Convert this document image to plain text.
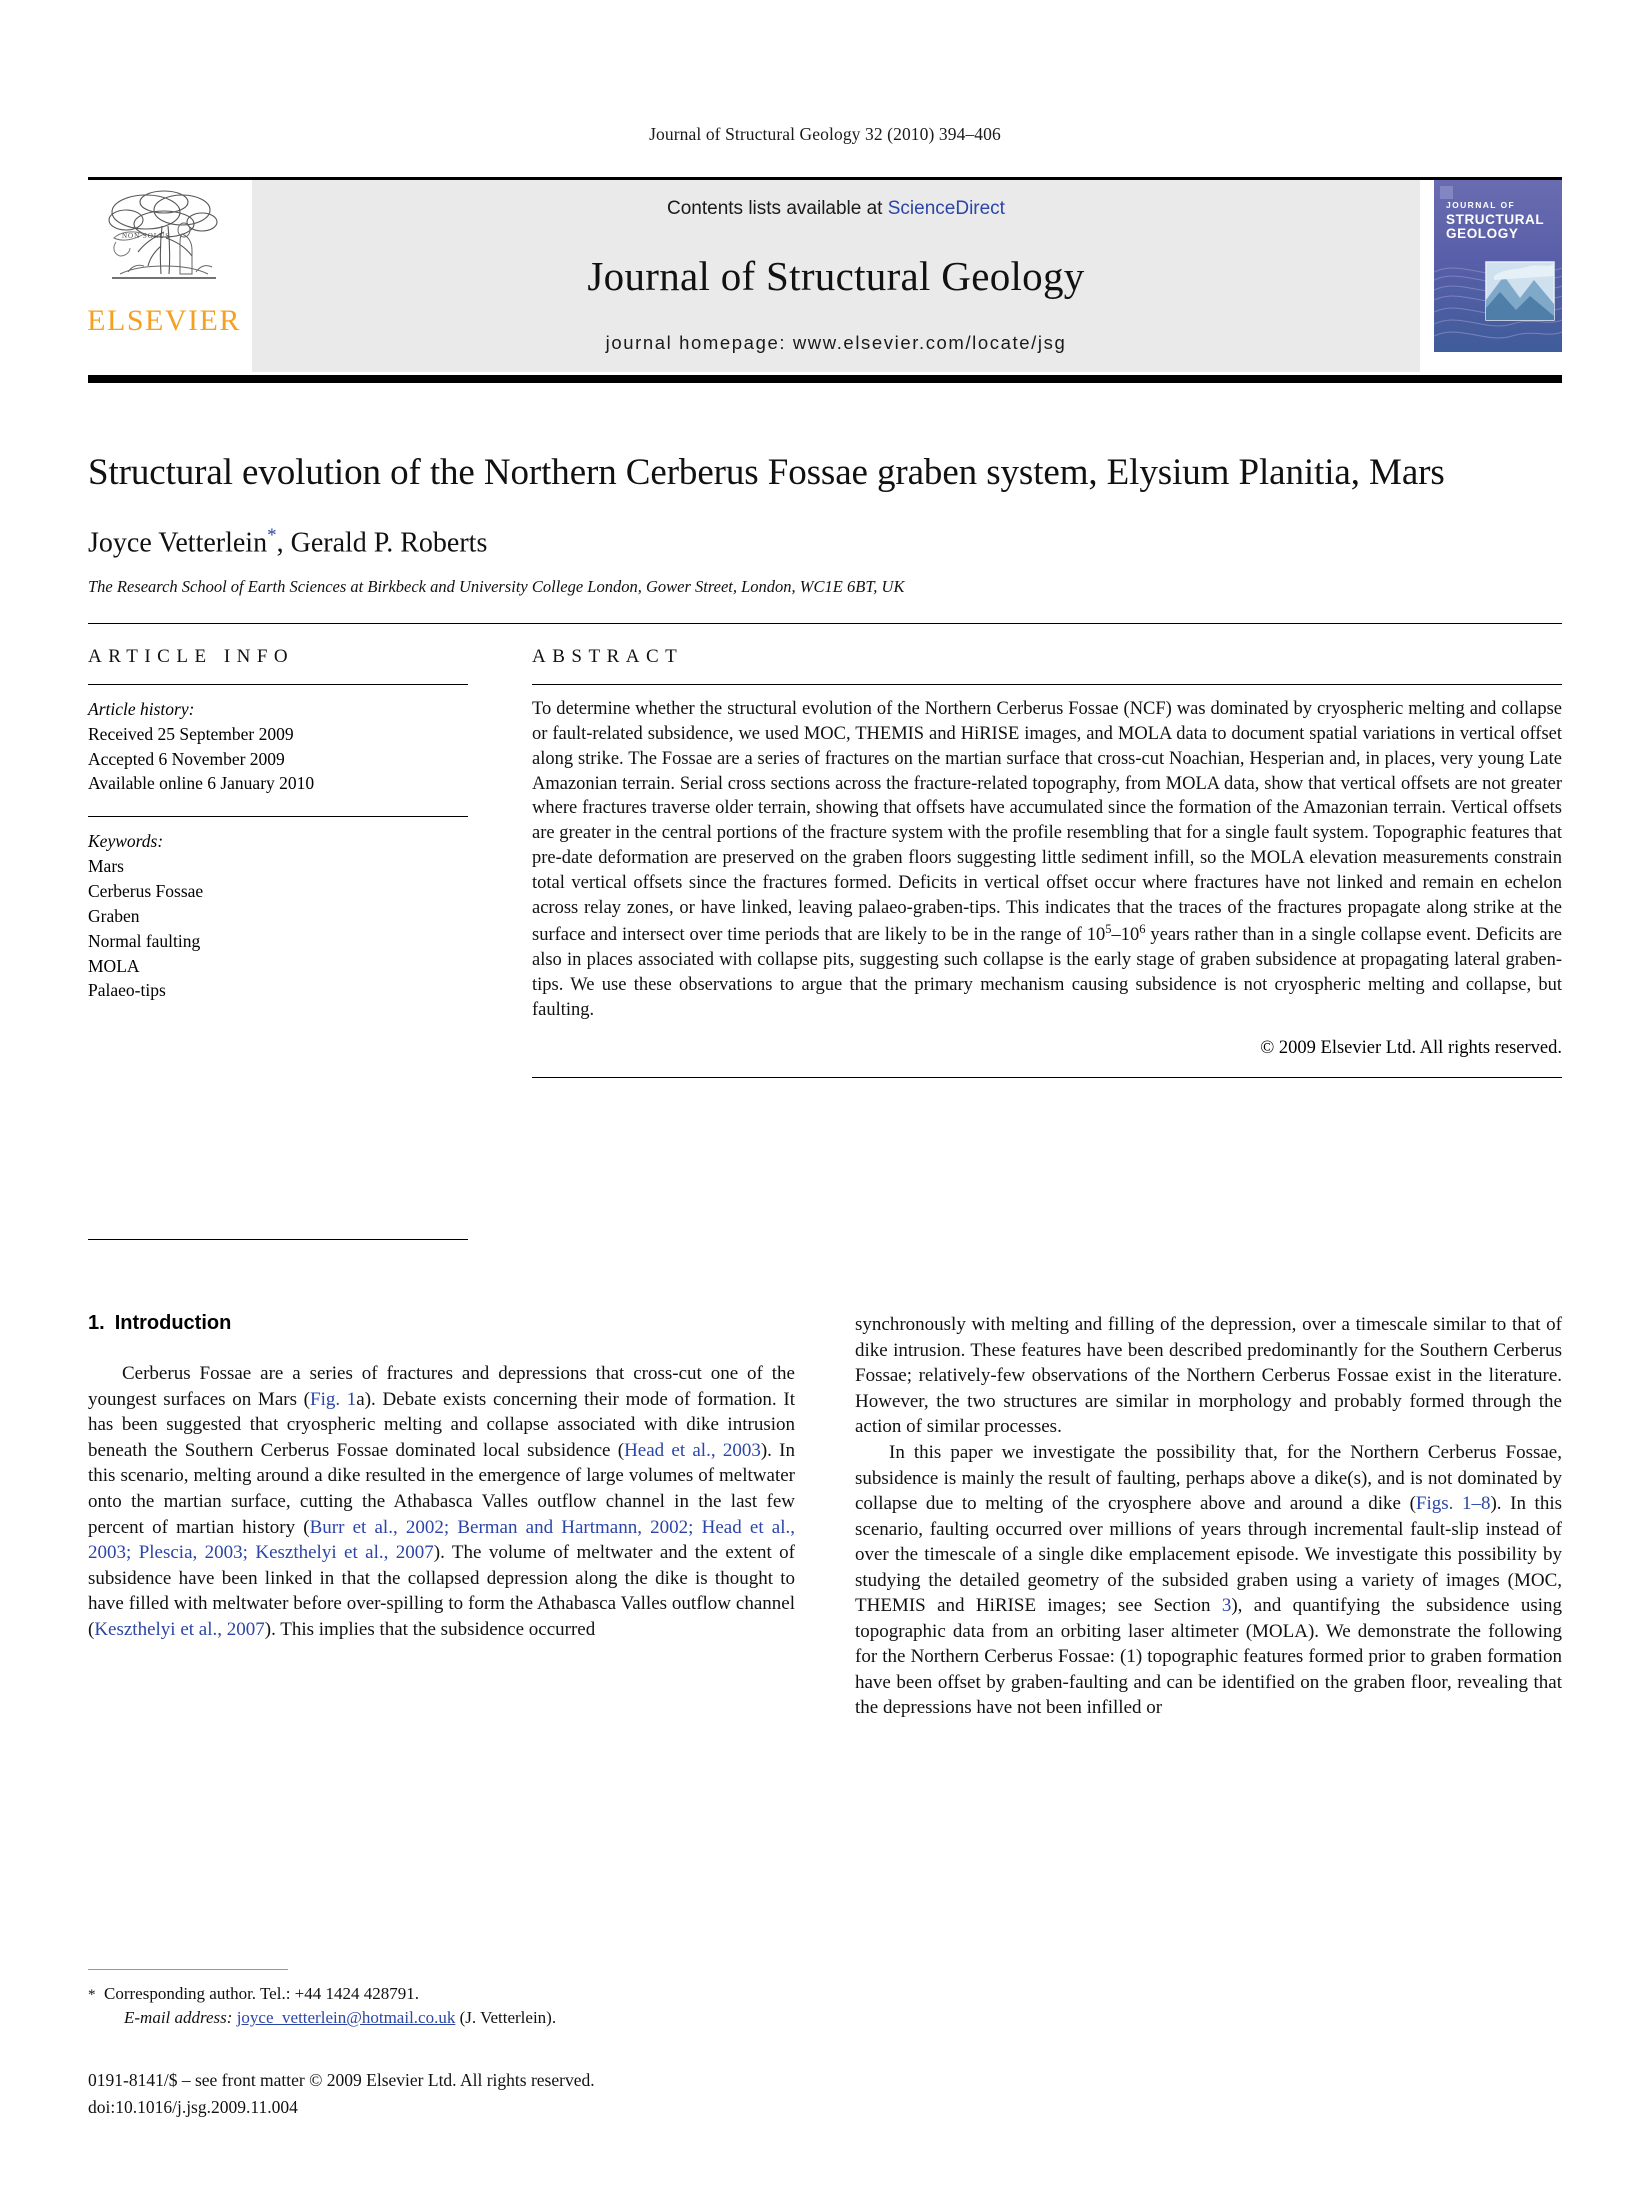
Journal of Structural Geology 32 (2010) 394–406
NON SOLUS
ELSEVIER
Contents lists available at ScienceDirect
Journal of Structural Geology
journal homepage: www.elsevier.com/locate/jsg
JOURNAL OF
STRUCTURAL
GEOLOGY
Structural evolution of the Northern Cerberus Fossae graben system, Elysium Planitia, Mars
Joyce Vetterlein*, Gerald P. Roberts
The Research School of Earth Sciences at Birkbeck and University College London, Gower Street, London, WC1E 6BT, UK
ARTICLE INFO
Article history:
Received 25 September 2009
Accepted 6 November 2009
Available online 6 January 2010
Keywords:
Mars
Cerberus Fossae
Graben
Normal faulting
MOLA
Palaeo-tips
ABSTRACT
To determine whether the structural evolution of the Northern Cerberus Fossae (NCF) was dominated by cryospheric melting and collapse or fault-related subsidence, we used MOC, THEMIS and HiRISE images, and MOLA data to document spatial variations in vertical offset along strike. The Fossae are a series of fractures on the martian surface that cross-cut Noachian, Hesperian and, in places, very young Late Amazonian terrain. Serial cross sections across the fracture-related topography, from MOLA data, show that vertical offsets are not greater where fractures traverse older terrain, showing that offsets have accumulated since the formation of the Amazonian terrain. Vertical offsets are greater in the central portions of the fracture system with the profile resembling that for a single fault system. Topographic features that pre-date deformation are preserved on the graben floors suggesting little sediment infill, so the MOLA elevation measurements constrain total vertical offsets since the fractures formed. Deficits in vertical offset occur where fractures have not linked and remain en echelon across relay zones, or have linked, leaving palaeo-graben-tips. This indicates that the traces of the fractures propagate along strike at the surface and intersect over time periods that are likely to be in the range of $10^5-10^6$ years rather than in a single collapse event. Deficits are also in places associated with collapse pits, suggesting such collapse is the early stage of graben subsidence at propagating lateral graben-tips. We use these observations to argue that the primary mechanism causing subsidence is not cryospheric melting and collapse, but faulting.
© 2009 Elsevier Ltd. All rights reserved.
1. Introduction

Cerberus Fossae are a series of fractures and depressions that cross-cut one of the youngest surfaces on Mars (Fig. 1a). Debate exists concerning their mode of formation. It has been suggested that cryospheric melting and collapse associated with dike intrusion beneath the Southern Cerberus Fossae dominated local subsidence (Head et al., 2003). In this scenario, melting around a dike resulted in the emergence of large volumes of meltwater onto the martian surface, cutting the Athabasca Valles outflow channel in the last few percent of martian history (Burr et al., 2002; Berman and Hartmann, 2002; Head et al., 2003; Plescia, 2003; Keszthelyi et al., 2007). The volume of meltwater and the extent of subsidence have been linked in that the collapsed depression along the dike is thought to have filled with meltwater before over-spilling to form the Athabasca Valles outflow channel (Keszthelyi et al., 2007). This implies that the subsidence occurred

synchronously with melting and filling of the depression, over a timescale similar to that of dike intrusion. These features have been described predominantly for the Southern Cerberus Fossae; relatively-few observations of the Northern Cerberus Fossae exist in the literature. However, the two structures are similar in morphology and probably formed through the action of similar processes.

In this paper we investigate the possibility that, for the Northern Cerberus Fossae, subsidence is mainly the result of faulting, perhaps above a dike(s), and is not dominated by collapse due to melting of the cryosphere above and around a dike (Figs. 1–8). In this scenario, faulting occurred over millions of years through incremental fault-slip instead of over the timescale of a single dike emplacement episode. We investigate this possibility by studying the detailed geometry of the subsided graben using a variety of images (MOC, THEMIS and HiRISE images; see Section 3), and quantifying the subsidence using topographic data from an orbiting laser altimeter (MOLA). We demonstrate the following for the Northern Cerberus Fossae: (1) topographic features formed prior to graben formation have been offset by graben-faulting and can be identified on the graben floor, revealing that the depressions have not been infilled or

* Corresponding author. Tel.: +44 1424 428791.
E-mail address: joyce_vetterlein@hotmail.co.uk (J. Vetterlein).
0191-8141/$ – see front matter © 2009 Elsevier Ltd. All rights reserved.
doi:10.1016/j.jsg.2009.11.004
